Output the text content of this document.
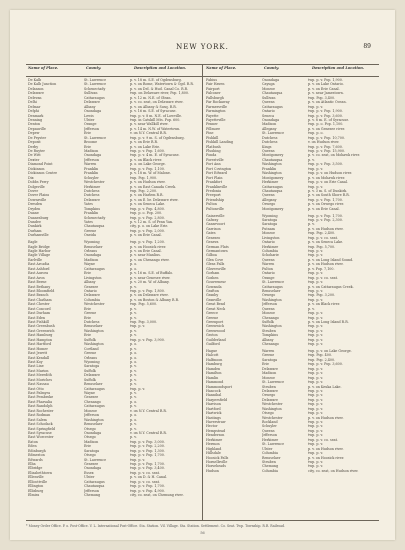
NEW YORK.	89
Name of Place.	County.	Description and Location.	Name of Place.	County.	Description and Location.
De Kalb	St. Lawrence	p. v. 18 m. S.E. of Ogdensburg.
De Kalb Junction	St. Lawrence	p. v. on Rome, Watertown & Ogd. R.R.
Delanson	Schenectady	p. v. on Del. & Hud. Canal Co. R.R.
Delaware	Sullivan	twp. on Delaware river, Pop. 1,800.
Delevan	Cattaraugus	p. v. 12 m. N.E. of Olean.
Delhi	Delaware	p. v. co. seat, on Delaware river.
Delmar	Albany	p. v. on Albany & Susq. R.R.
Delphi	Onondaga	p. v. 16 m. S.E. of Syracuse.
Denmark	Lewis	twp. p. v. 8 m. N.E. of Lowville.
Denning	Ulster	twp. in Catskill Mts. Pop. 600.
Denton	Orange	p. v. near Wallkill river.
Depauville	Jefferson	p. v. 14 m. N.W. of Watertown.
Depew	Erie	v. on N.Y. Central R.R.
De Peyster	St. Lawrence	twp. p. v. 9 m. S. of Ogdensburg.
Deposit	Broome	p. v. on Erie R.R.
Derby	Erie	p. v. on Lake Erie.
De Ruyter	Madison	twp. p. v. Pop. 1,600.
De Witt	Onondaga	twp. p. v. 4 m. E. of Syracuse.
Dexter	Jefferson	p. v. on Black river.
Diamond Point	Warren	p. o. on Lake George.
Dickinson	Franklin	twp. p. v. Pop. 1,100.
Dickinson Centre	Franklin	p. v. 18 m. W. of Malone.
Dix	Schuyler	twp. Pop. 1,900.
Dobbs Ferry	Westchester	p. v. on Hudson river.
Dolgeville	Herkimer	p. v. on East Canada Creek.
Dover	Dutchess	twp. Pop. 2,200.
Dover Plains	Dutchess	p. v. on Harlem R.R.
Downsville	Delaware	p. v. on E. br. Delaware river.
Dresden	Yates	p. v. on Seneca Lake.
Dryden	Tompkins	twp. p. v. Pop. 4,800.
Duane	Franklin	twp. p. o. Pop. 200.
Duanesburg	Schenectady	twp. p. v. Pop. 2,800.
Dundee	Yates	p. v. 12 m. S. of Penn Yan.
Dunkirk	Chautauqua	city, p. o. on Lake Erie.
Durham	Greene	twp. p. v. Pop. 2,000.
Durhamville	Oneida	p. v. on Erie Canal.
Eagle	Wyoming	twp. p. v. Pop. 1,200.
Eagle Bridge	Rensselaer	p. v. on Hoosick river.
Eagle Harbor	Orleans	p. v. on Erie Canal.
Eagle Village	Onondaga	p. v. near Manlius.
Earlville	Madison	p. v. on Chenango river.
East Arcadia	Wayne	p. o.
East Ashford	Cattaraugus	p. o.
East Aurora	Erie	p. v. 16 m. S.E. of Buffalo.
East Avon	Livingston	p. v. near Genesee river.
East Berne	Albany	p. v. 20 m. W. of Albany.
East Bethany	Genesee	p. v.
East Bloomfield	Ontario	twp. p. v. Pop. 1,800.
East Branch	Delaware	p. v. on Delaware river.
East Chatham	Columbia	p. v. on Boston & Albany R.R.
East Chester	Westchester	twp. Pop. 5,600.
East Concord	Erie	p. v.
East Durham	Greene	p. v.
East Eden	Erie	p. v.
East Fishkill	Dutchess	twp. Pop. 3,000.
East Greenbush	Rensselaer	twp. p. v.
East Greenwich	Washington	p. v.
East Hamburg	Erie	p. v.
East Hampton	Suffolk	twp. p. v. Pop. 3,900.
East Hartford	Washington	p. o.
East Homer	Cortland	p. v.
East Jewett	Greene	p. o.
East Kendall	Orleans	p. o.
East Koy	Wyoming	p. o.
East Line	Saratoga	p. v.
East Marion	Suffolk	p. v.
East Meredith	Delaware	p. v.
East Moriches	Suffolk	p. v.
East Nassau	Rensselaer	p. v.
East Otto	Cattaraugus	twp. p. v.
East Palmyra	Wayne	p. v.
East Pembroke	Genesee	p. v.
East Pharsalia	Chenango	p. o.
East Randolph	Cattaraugus	p. v.
East Rochester	Monroe	v. on N.Y. Central R.R.
East Rodman	Jefferson	p. o.
East Salem	Washington	p. o.
East Schodack	Rensselaer	p. v.
East Springfield	Otsego	p. v.
East Syracuse	Onondaga	v. on N.Y. Central R.R.
East Worcester	Otsego	p. v.
Eaton	Madison	twp. p. v. Pop. 3,000.
Eden	Erie	twp. p. v. Pop. 2,200.
Edinburgh	Saratoga	twp. p. v. Pop. 1,300.
Edmeston	Otsego	twp. p. v. Pop. 1,700.
Edwards	St. Lawrence	twp. p. v.
Elba	Genesee	twp. p. v. Pop. 1,700.
Elbridge	Onondaga	twp. p. v. Pop. 3,400.
Elizabethtown	Essex	twp. p. v. co. seat.
Ellenville	Ulster	p. v. on D. & H. Canal.
Ellicottville	Cattaraugus	twp. p. v. co. seat.
Ellington	Chautauqua	twp. p. v. Pop. 1,700.
Ellisburg	Jefferson	twp. p. v. Pop. 4,900.
Elmira	Chemung	city, co. seat, on Chemung river.
Fabius	Onondaga	twp. p. v. Pop. 1,900.
Fair Haven	Cayuga	p. v. on Lake Ontario.
Fairport	Monroe	p. v. on Erie Canal.
Falconer	Chautauqua	p. v. near Jamestown.
Fallsburgh	Sullivan	twp. Pop. 3,400.
Far Rockaway	Queens	p. v. on Atlantic Ocean.
Farmersville	Cattaraugus	twp. p. v.
Farmington	Ontario	twp. p. v. Pop. 1,900.
Fayette	Seneca	twp. p. v. Pop. 3,600.
Fayetteville	Onondaga	p. v. 8 m. E. of Syracuse.
Fenner	Madison	twp. p. o. Pop. 1,100.
Fillmore	Allegany	p. v. on Genesee river.
Fine	St. Lawrence	twp. p. o.
Fishkill	Dutchess	twp. p. v. Pop. 10,700.
Fishkill Landing	Dutchess	v. on Hudson river.
Flatbush	Kings	twp. p. v. Pop. 7,600.
Flushing	Queens	twp. p. v. Pop. 15,900.
Fonda	Montgomery	p. v. co. seat, on Mohawk river.
Forestville	Chautauqua	p. v.
Fort Ann	Washington	twp. p. v. Pop. 3,500.
Fort Covington	Franklin	twp. p. v.
Fort Edward	Washington	twp. p. v. on Hudson river.
Fort Plain	Montgomery	p. v. on Mohawk river.
Frankfort	Herkimer	twp. p. v. on Erie Canal.
Franklinville	Cattaraugus	twp. p. v.
Fredonia	Chautauqua	p. v. 3 m. S. of Dunkirk.
Freeport	Queens	p. v. on South Shore R.R.
Friendship	Allegany	twp. p. v. Pop. 1,700.
Fulton	Oswego	p. v. on Oswego river.
Fultonville	Montgomery	p. v. on Erie Canal.
Gainesville	Wyoming	twp. p. v. Pop. 1,700.
Galway	Saratoga	twp. p. v. Pop. 2,300.
Gansevoort	Saratoga	p. v.
Garrison	Putnam	p. v. on Hudson river.
Gates	Monroe	twp. Pop. 2,400.
Geneseo	Livingston	twp. p. v. co. seat.
Geneva	Ontario	p. v. on Seneca Lake.
German Flats	Herkimer	twp. Pop. 5,700.
Germantown	Columbia	twp. p. v.
Gilboa	Schoharie	twp. p. v.
Glen Cove	Queens	p. v. on Long Island Sound.
Glens Falls	Warren	p. v. on Hudson river.
Gloversville	Fulton	p. v. Pop. 7,100.
Gorham	Ontario	twp. p. v.
Goshen	Orange	twp. p. v. co. seat.
Gouverneur	St. Lawrence	twp. p. v.
Gowanda	Cattaraugus	p. v. on Cattaraugus Creek.
Grafton	Rensselaer	twp. p. v.
Granby	Oswego	twp. Pop. 3,200.
Granville	Washington	twp. p. v.
Great Bend	Jefferson	p. v. on Black river.
Great Neck	Queens	p. v.
Greece	Monroe	twp. p. v.
Greene	Chenango	twp. p. v.
Greenport	Suffolk	p. v. on Long Island R.R.
Greenwich	Washington	twp. p. v.
Greenwood	Steuben	twp. p. v.
Groton	Tompkins	twp. p. v.
Guilderland	Albany	twp. p. v.
Guilford	Chenango	twp. p. v.
Hague	Warren	twp. p. v. on Lake George.
Halcott	Greene	twp. Pop. 400.
Halfmoon	Saratoga	twp. Pop. 2,400.
Hamburg	Erie	twp. p. v. Pop. 3,600.
Hamden	Delaware	twp. p. v.
Hamilton	Madison	twp. p. v.
Hamlin	Monroe	twp. p. v.
Hammond	St. Lawrence	twp. p. v.
Hammondsport	Steuben	p. v. on Keuka Lake.
Hancock	Delaware	twp. p. v.
Hannibal	Oswego	twp. p. v.
Harpersfield	Delaware	twp. p. v.
Harrison	Westchester	twp. p. v.
Hartford	Washington	twp. p. v.
Hartwick	Otsego	twp. p. v.
Hastings	Westchester	p. v. on Hudson river.
Haverstraw	Rockland	twp. p. v.
Hector	Schuyler	twp. p. v.
Hempstead	Queens	twp. p. v.
Henderson	Jefferson	twp. p. v.
Herkimer	Herkimer	twp. p. v. co. seat.
Hermon	St. Lawrence	twp. p. v.
Highland	Ulster	p. v. on Hudson river.
Hillsdale	Columbia	twp. p. v.
Hoosick Falls	Rensselaer	p. v. on Hoosick river.
Hornellsville	Steuben	twp. p. v.
Horseheads	Chemung	twp. p. v.
Hudson	Columbia	city, co. seat, on Hudson river.
* Money Order Office. P. o. Post-Office. V. L. International Post-Office. Sta. Station. Vil. Village. Sta. Station. Settlement. Co. Seat. Twp. Township. R.R. Railroad.
56
